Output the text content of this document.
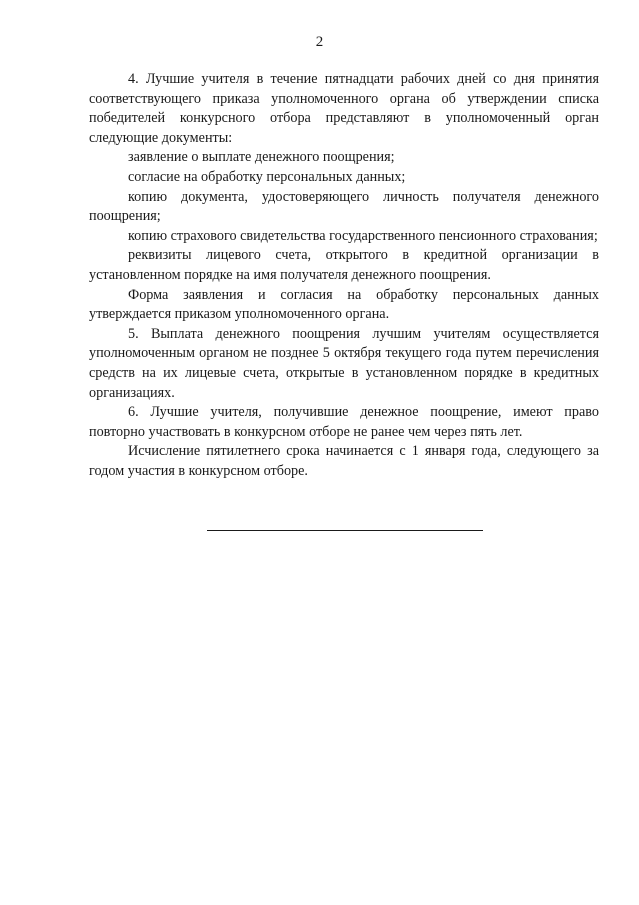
2

4. Лучшие учителя в течение пятнадцати рабочих дней со дня принятия соответствующего приказа уполномоченного органа об утверждении списка победителей конкурсного отбора представляют в уполномоченный орган следующие документы:

заявление о выплате денежного поощрения;

согласие на обработку персональных данных;

копию документа, удостоверяющего личность получателя денежного поощрения;

копию страхового свидетельства государственного пенсионного страхования;

реквизиты лицевого счета, открытого в кредитной организации в установленном порядке на имя получателя денежного поощрения.

Форма заявления и согласия на обработку персональных данных утверждается приказом уполномоченного органа.

5. Выплата денежного поощрения лучшим учителям осуществляется уполномоченным органом не позднее 5 октября текущего года путем перечисления средств на их лицевые счета, открытые в установленном порядке в кредитных организациях.

6. Лучшие учителя, получившие денежное поощрение, имеют право повторно участвовать в конкурсном отборе не ранее чем через пять лет.

Исчисление пятилетнего срока начинается с 1 января года, следующего за годом участия в конкурсном отборе.
